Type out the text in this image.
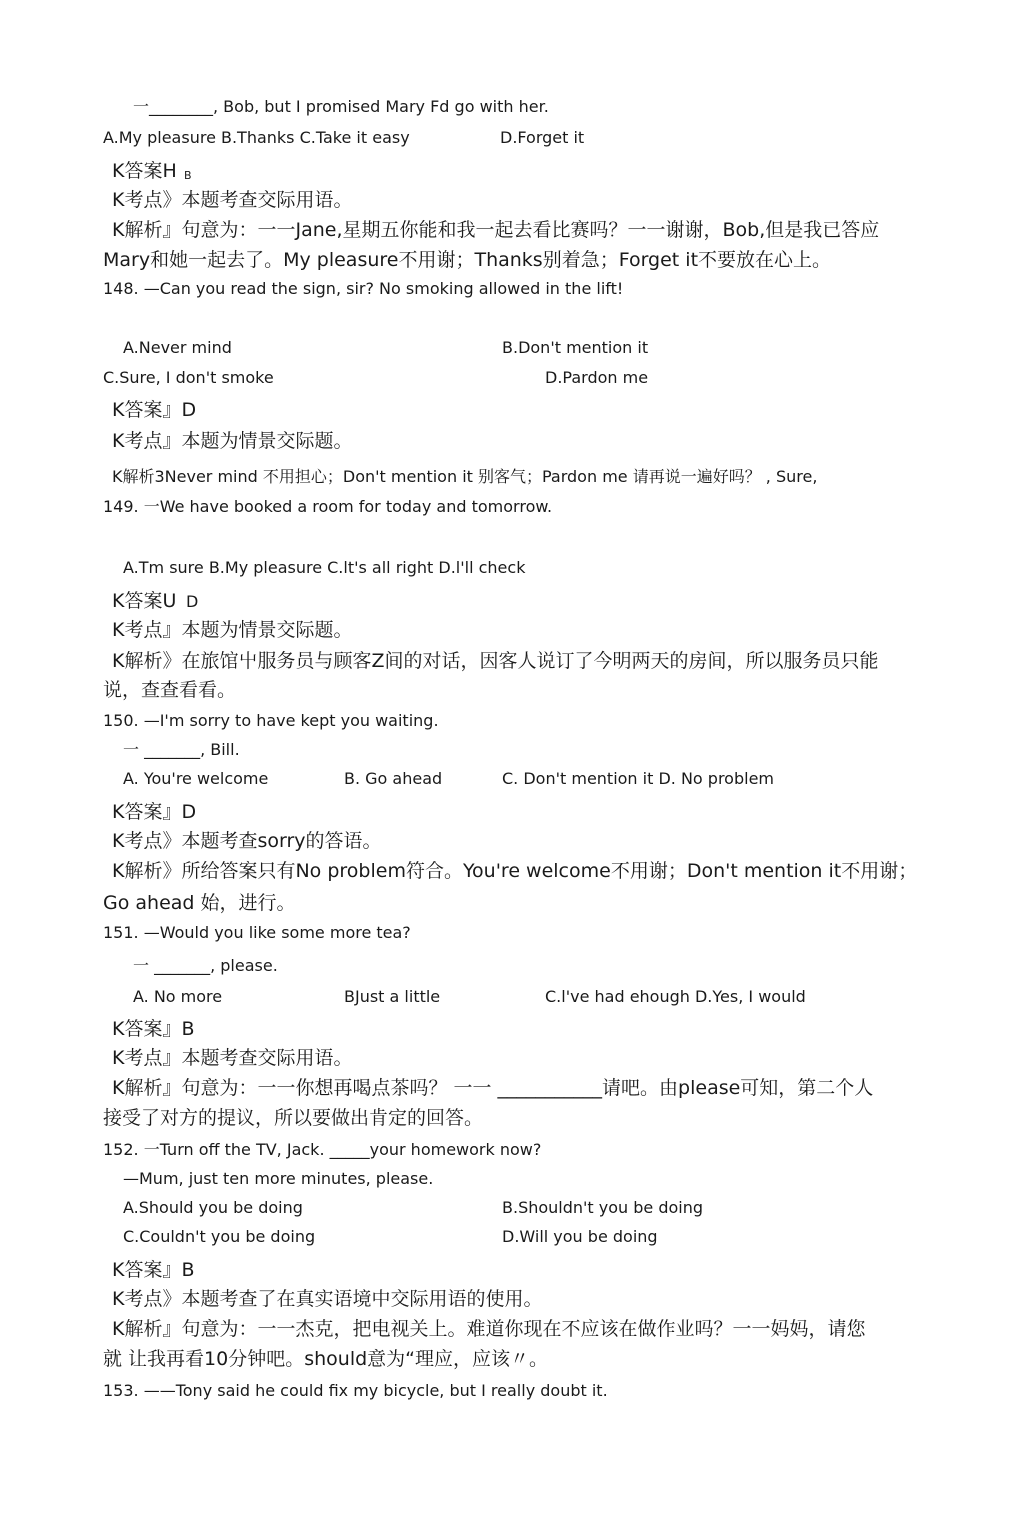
一________, Bob, but I promised Mary Fd go with her.
A.My pleasure B.Thanks C.Take it easy	D.Forget it
K答案H B
K考点》本题考查交际用语。
K解析』句意为：一一Jane,星期五你能和我一起去看比赛吗？一一谢谢，Bob,但是我已答应
Mary和她一起去了。My pleasure不用谢；Thanks别着急；Forget it不要放在心上。
148. —Can you read the sign, sir? No smoking allowed in the lift!
A.Never mind	B.Don't mention it
C.Sure, I don't smoke	D.Pardon me
K答案』D
K考点』本题为情景交际题。
K解析3Never mind 不用担心；Don't mention it 别客气；Pardon me 请再说一遍好吗？ , Sure,
149. 一We have booked a room for today and tomorrow.
A.Tm sure B.My pleasure C.lt's all right D.l'll check
K答案U D
K考点』本题为情景交际题。
K解析》在旅馆屮服务员与顾客Z间的对话，因客人说订了今明两天的房间，所以服务员只能
说，查查看看。
150. —I'm sorry to have kept you waiting.
一 _______, Bill.
A. You're welcome	B. Go ahead	C. Don't mention it D. No problem
K答案』D
K考点》本题考查sorry的答语。
K解析》所给答案只有No problem符合。You're welcome不用谢；Don't mention it不用谢；
Go ahead 始，进行。
151. —Would you like some more tea?
一 _______, please.
A. No more	BJust a little	C.l've had ehough D.Yes, I would
K答案』B
K考点』本题考查交际用语。
K解析』句意为：一一你想再喝点茶吗？ 一一 ___________请吧。由please可知，第二个人
接受了对方的提议，所以要做出肯定的回答。
152. 一Turn off the TV, Jack. _____your homework now?
—Mum, just ten more minutes, please.
A.Should you be doing	B.Shouldn't you be doing
C.Couldn't you be doing	D.Will you be doing
K答案』B
K考点》本题考查了在真实语境中交际用语的使用。
K解析』句意为：一一杰克，把电视关上。难道你现在不应该在做作业吗？一一妈妈，请您
就 让我再看10分钟吧。should意为“理应，应该〃。
153. ——Tony said he could fix my bicycle, but I really doubt it.
